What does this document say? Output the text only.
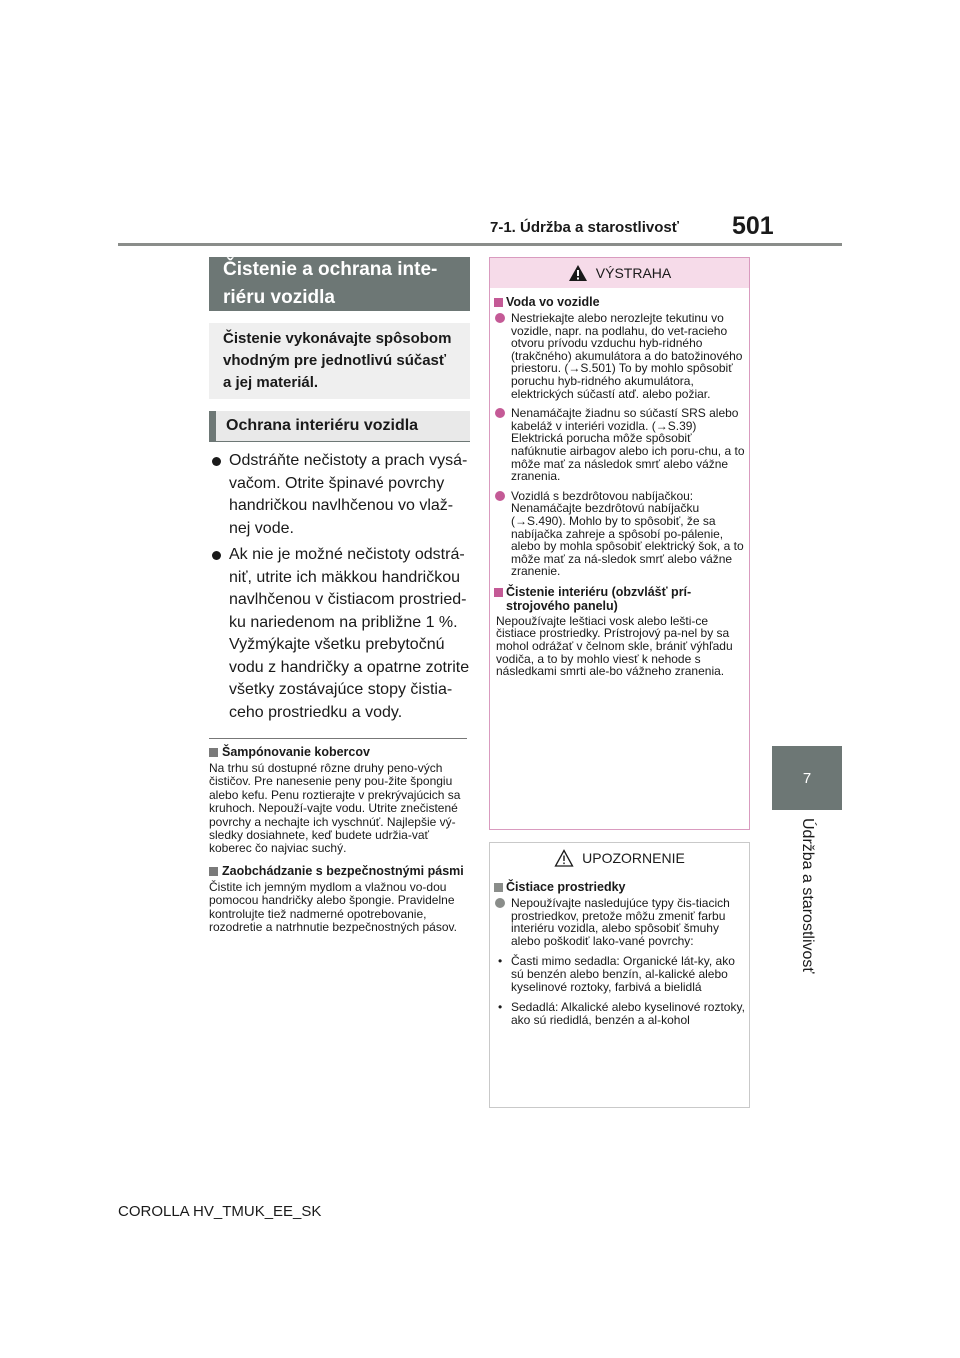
7-1. Údržba a starostlivosť 501
7
Údržba a starostlivosť
Čistenie a ochrana inte-riéru vozidla
Čistenie vykonávajte spôsobom vhodným pre jednotlivú súčasť a jej materiál.
Ochrana interiéru vozidla
Odstráňte nečistoty a prach vysá-vačom. Otrite špinavé povrchy handričkou navlhčenou vo vlaž-nej vode.
Ak nie je možné nečistoty odstrá-niť, utrite ich mäkkou handričkou navlhčenou v čistiacom prostried-ku nariedenom na približne 1 %. Vyžmýkajte všetku prebytočnú vodu z handričky a opatrne zotrite všetky zostávajúce stopy čistia-ceho prostriedku a vody.
Šampónovanie kobercov
Na trhu sú dostupné rôzne druhy peno-vých čističov. Pre nanesenie peny pou-žite špongiu alebo kefu. Penu roztierajte v prekrývajúcich sa kruhoch. Nepouží-vajte vodu. Utrite znečistené povrchy a nechajte ich vyschnúť. Najlepšie vý-sledky dosiahnete, keď budete udržia-vať koberec čo najviac suchý.
Zaobchádzanie s bezpečnostnými pásmi
Čistite ich jemným mydlom a vlažnou vo-dou pomocou handričky alebo špongie. Pravidelne kontrolujte tiež nadmerné opotrebovanie, rozodretie a natrhnutie bezpečnostných pásov.
VÝSTRAHA
Voda vo vozidle
Nestriekajte alebo nerozlejte tekutinu vo vozidle, napr. na podlahu, do vet-racieho otvoru prívodu vzduchu hyb-ridného (trakčného) akumulátora a do batožinového priestoru. (→S.501) To by mohlo spôsobiť poruchu hyb-ridného akumulátora, elektrických súčastí atď. alebo požiar.
Nenamáčajte žiadnu so súčastí SRS alebo kabeláž v interiéri vozidla. (→S.39) Elektrická porucha môže spôsobiť nafúknutie airbagov alebo ich poru-chu, a to môže mať za následok smrť alebo vážne zranenia.
Vozidlá s bezdrôtovou nabíjačkou: Nenamáčajte bezdrôtovú nabíjačku (→S.490). Mohlo by to spôsobiť, že sa nabíjačka zahreje a spôsobí po-pálenie, alebo by mohla spôsobiť elektrický šok, a to môže mať za ná-sledok smrť alebo vážne zranenie.
Čistenie interiéru (obzvlášť prí-strojového panelu)
Nepoužívajte leštiaci vosk alebo lešti-ce čistiace prostriedky. Prístrojový pa-nel by sa mohol odrážať v čelnom skle, brániť výhľadu vodiča, a to by mohlo viesť k nehode s následkami smrti ale-bo vážneho zranenia.
UPOZORNENIE
Čistiace prostriedky
Nepoužívajte nasledujúce typy čis-tiacich prostriedkov, pretože môžu zmeniť farbu interiéru vozidla, alebo spôsobiť šmuhy alebo poškodiť lako-vané povrchy:
• Časti mimo sedadla: Organické lát-ky, ako sú benzén alebo benzín, al-kalické alebo kyselinové roztoky, farbivá a bielidlá
• Sedadlá: Alkalické alebo kyselinové roztoky, ako sú riedidlá, benzén a al-kohol
COROLLA HV_TMUK_EE_SK
